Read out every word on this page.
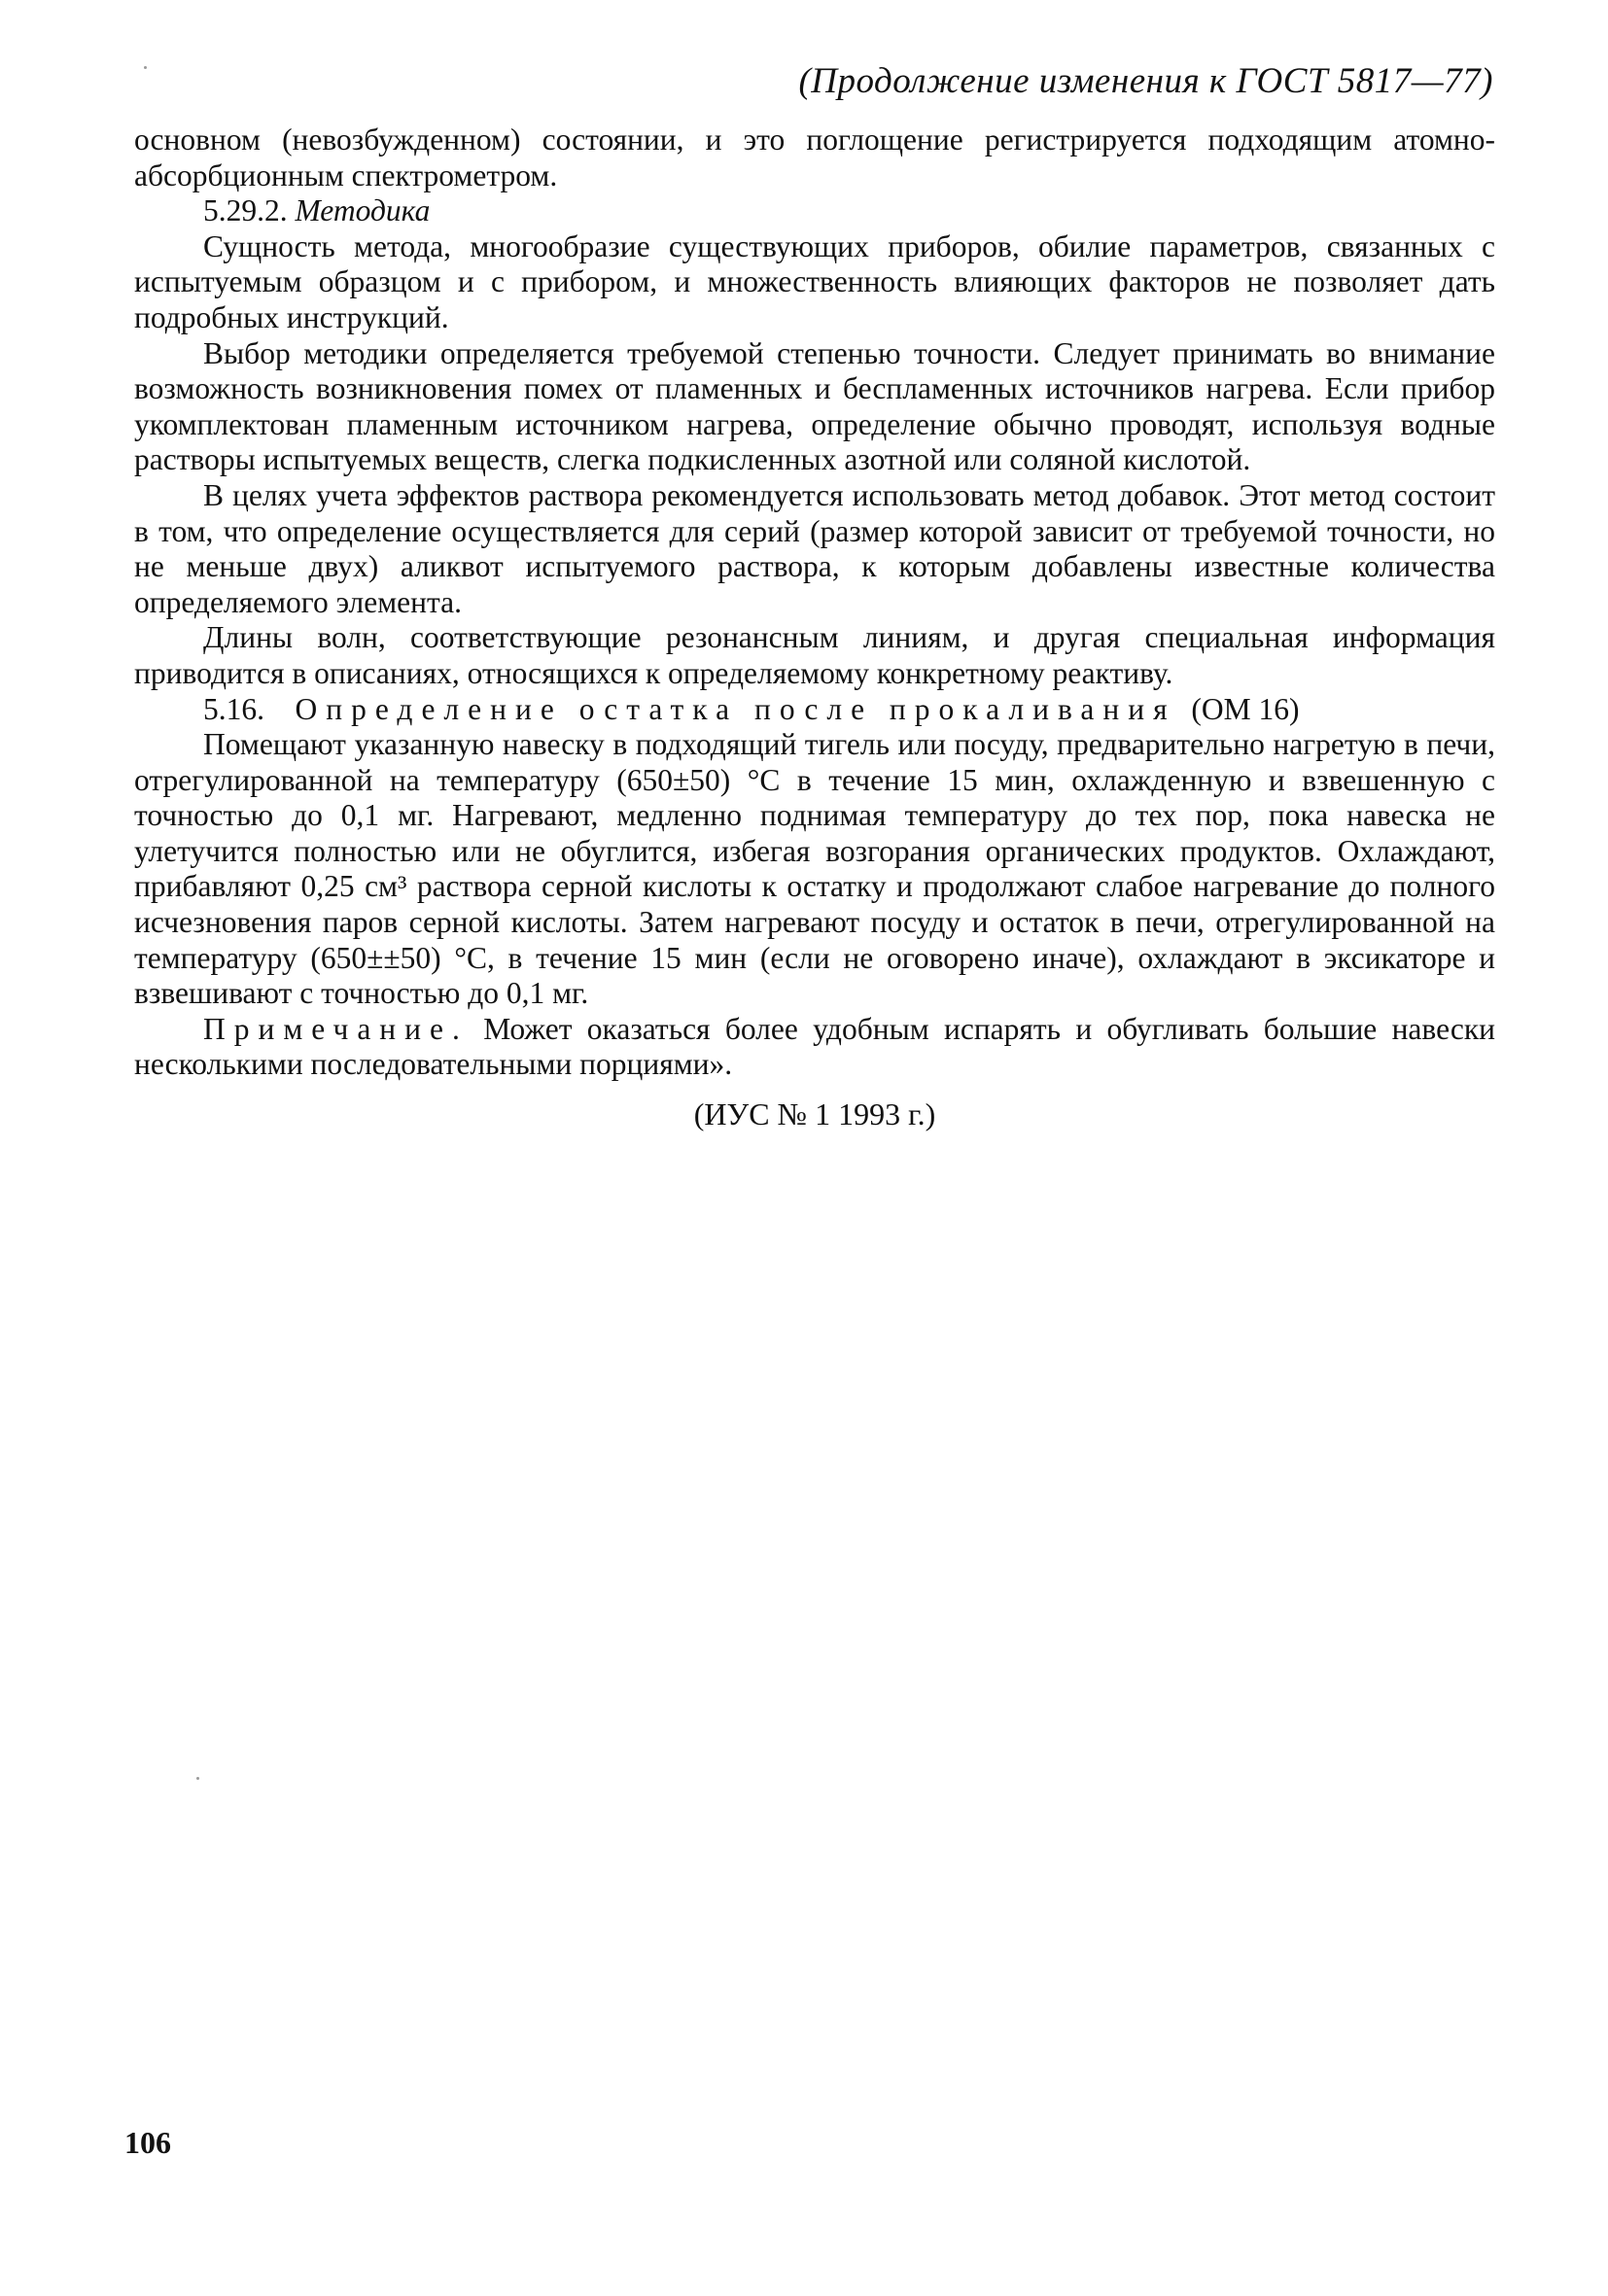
(Продолжение изменения к ГОСТ 5817—77)

основном (невозбужденном) состоянии, и это поглощение регистрируется подходящим атомно-абсорбционным спектрометром.

5.29.2. Методика

Сущность метода, многообразие существующих приборов, обилие параметров, связанных с испытуемым образцом и с прибором, и множественность влияющих факторов не позволяет дать подробных инструкций.

Выбор методики определяется требуемой степенью точности. Следует принимать во внимание возможность возникновения помех от пламенных и беспламенных источников нагрева. Если прибор укомплектован пламенным источником нагрева, определение обычно проводят, используя водные растворы испытуемых веществ, слегка подкисленных азотной или соляной кислотой.

В целях учета эффектов раствора рекомендуется использовать метод добавок. Этот метод состоит в том, что определение осуществляется для серий (размер которой зависит от требуемой точности, но не меньше двух) аликвот испытуемого раствора, к которым добавлены известные количества определяемого элемента.

Длины волн, соответствующие резонансным линиям, и другая специальная информация приводится в описаниях, относящихся к определяемому конкретному реактиву.

5.16. Определение остатка после прокаливания (ОМ 16)

Помещают указанную навеску в подходящий тигель или посуду, предварительно нагретую в печи, отрегулированной на температуру (650±50) °С в течение 15 мин, охлажденную и взвешенную с точностью до 0,1 мг. Нагревают, медленно поднимая температуру до тех пор, пока навеска не улетучится полностью или не обуглится, избегая возгорания органических продуктов. Охлаждают, прибавляют 0,25 см³ раствора серной кислоты к остатку и продолжают слабое нагревание до полного исчезновения паров серной кислоты. Затем нагревают посуду и остаток в печи, отрегулированной на температуру (650±±50) °С, в течение 15 мин (если не оговорено иначе), охлаждают в эксикаторе и взвешивают с точностью до 0,1 мг.

Примечание. Может оказаться более удобным испарять и обугливать большие навески несколькими последовательными порциями».

(ИУС № 1 1993 г.)

106
